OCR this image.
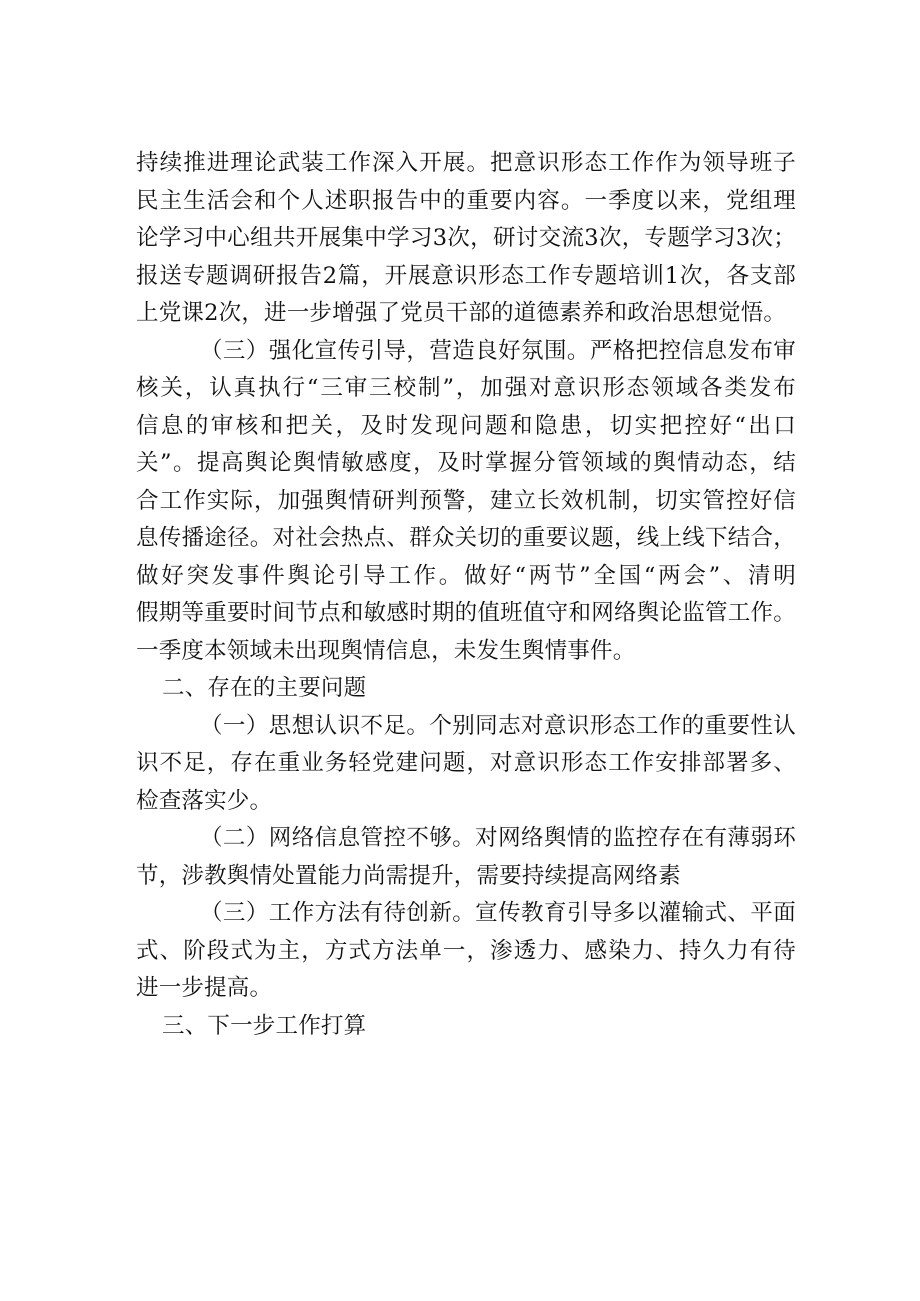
持续推进理论武装工作深入开展。把意识形态工作作为领导班子
民主生活会和个人述职报告中的重要内容。一季度以来，党组理
论学习中心组共开展集中学习3次，研讨交流3次，专题学习3次；
报送专题调研报告2篇，开展意识形态工作专题培训1次，各支部
上党课2次，进一步增强了党员干部的道德素养和政治思想觉悟。
（三）强化宣传引导，营造良好氛围。严格把控信息发布审
核关，认真执行“三审三校制”，加强对意识形态领域各类发布
信息的审核和把关，及时发现问题和隐患，切实把控好“出口
关”。提高舆论舆情敏感度，及时掌握分管领域的舆情动态，结
合工作实际，加强舆情研判预警，建立长效机制，切实管控好信
息传播途径。对社会热点、群众关切的重要议题，线上线下结合，
做好突发事件舆论引导工作。做好“两节”全国“两会”、清明
假期等重要时间节点和敏感时期的值班值守和网络舆论监管工作。
一季度本领域未出现舆情信息，未发生舆情事件。
二、存在的主要问题
（一）思想认识不足。个别同志对意识形态工作的重要性认
识不足，存在重业务轻党建问题，对意识形态工作安排部署多、
检查落实少。
（二）网络信息管控不够。对网络舆情的监控存在有薄弱环
节，涉教舆情处置能力尚需提升，需要持续提高网络素
（三）工作方法有待创新。宣传教育引导多以灌输式、平面
式、阶段式为主，方式方法单一，渗透力、感染力、持久力有待
进一步提高。
三、下一步工作打算
